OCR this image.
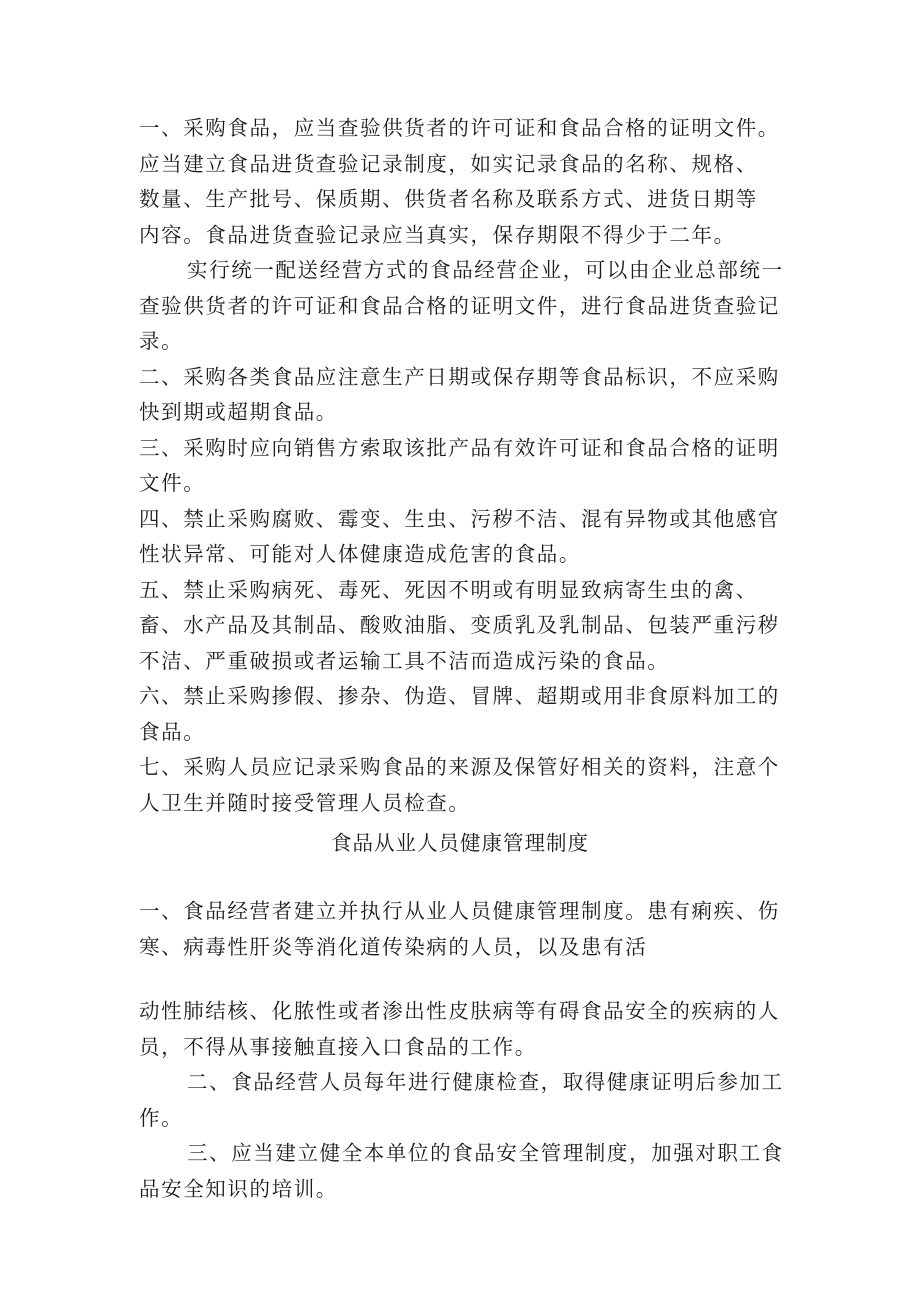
一、采购食品，应当查验供货者的许可证和食品合格的证明文件。

应当建立食品进货查验记录制度，如实记录食品的名称、规格、

数量、生产批号、保质期、供货者名称及联系方式、进货日期等

内容。食品进货查验记录应当真实，保存期限不得少于二年。

实行统一配送经营方式的食品经营企业，可以由企业总部统一查验供货者的许可证和食品合格的证明文件，进行食品进货查验记录。

二、采购各类食品应注意生产日期或保存期等食品标识，不应采购快到期或超期食品。

三、采购时应向销售方索取该批产品有效许可证和食品合格的证明文件。

四、禁止采购腐败、霉变、生虫、污秽不洁、混有异物或其他感官性状异常、可能对人体健康造成危害的食品。

五、禁止采购病死、毒死、死因不明或有明显致病寄生虫的禽、畜、水产品及其制品、酸败油脂、变质乳及乳制品、包装严重污秽不洁、严重破损或者运输工具不洁而造成污染的食品。

六、禁止采购掺假、掺杂、伪造、冒牌、超期或用非食原料加工的食品。

七、采购人员应记录采购食品的来源及保管好相关的资料，注意个人卫生并随时接受管理人员检查。

食品从业人员健康管理制度

一、食品经营者建立并执行从业人员健康管理制度。患有痢疾、伤寒、病毒性肝炎等消化道传染病的人员，以及患有活

动性肺结核、化脓性或者渗出性皮肤病等有碍食品安全的疾病的人员，不得从事接触直接入口食品的工作。

二、食品经营人员每年进行健康检查，取得健康证明后参加工作。

三、应当建立健全本单位的食品安全管理制度，加强对职工食品安全知识的培训。
